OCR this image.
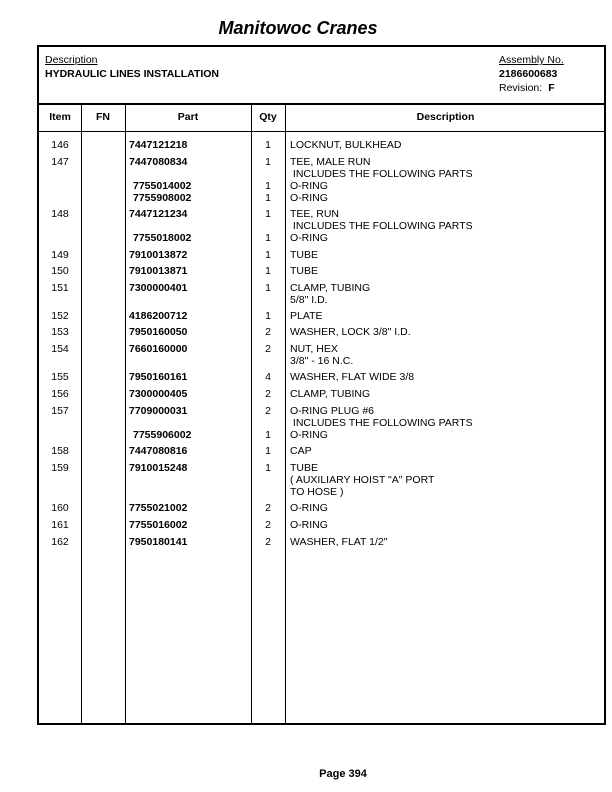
Manitowoc Cranes
Description
HYDRAULIC LINES INSTALLATION
Assembly No.
2186600683
Revision: F
Item	FN	Part	Qty	Description
146	7447121218	1	LOCKNUT, BULKHEAD
147	7447080834	1	TEE, MALE RUN
INCLUDES THE FOLLOWING PARTS
7755014002	1	O-RING
7755908002	1	O-RING
148	7447121234	1	TEE, RUN
INCLUDES THE FOLLOWING PARTS
7755018002	1	O-RING
149	7910013872	1	TUBE
150	7910013871	1	TUBE
151	7300000401	1	CLAMP, TUBING
5/8" I.D.
152	4186200712	1	PLATE
153	7950160050	2	WASHER, LOCK 3/8" I.D.
154	7660160000	2	NUT, HEX
3/8" - 16 N.C.
155	7950160161	4	WASHER, FLAT WIDE 3/8
156	7300000405	2	CLAMP, TUBING
157	7709000031	2	O-RING PLUG #6
INCLUDES THE FOLLOWING PARTS
7755906002	1	O-RING
158	7447080816	1	CAP
159	7910015248	1	TUBE
( AUXILIARY HOIST "A" PORT
TO HOSE )
160	7755021002	2	O-RING
161	7755016002	2	O-RING
162	7950180141	2	WASHER, FLAT 1/2"
Page 394
